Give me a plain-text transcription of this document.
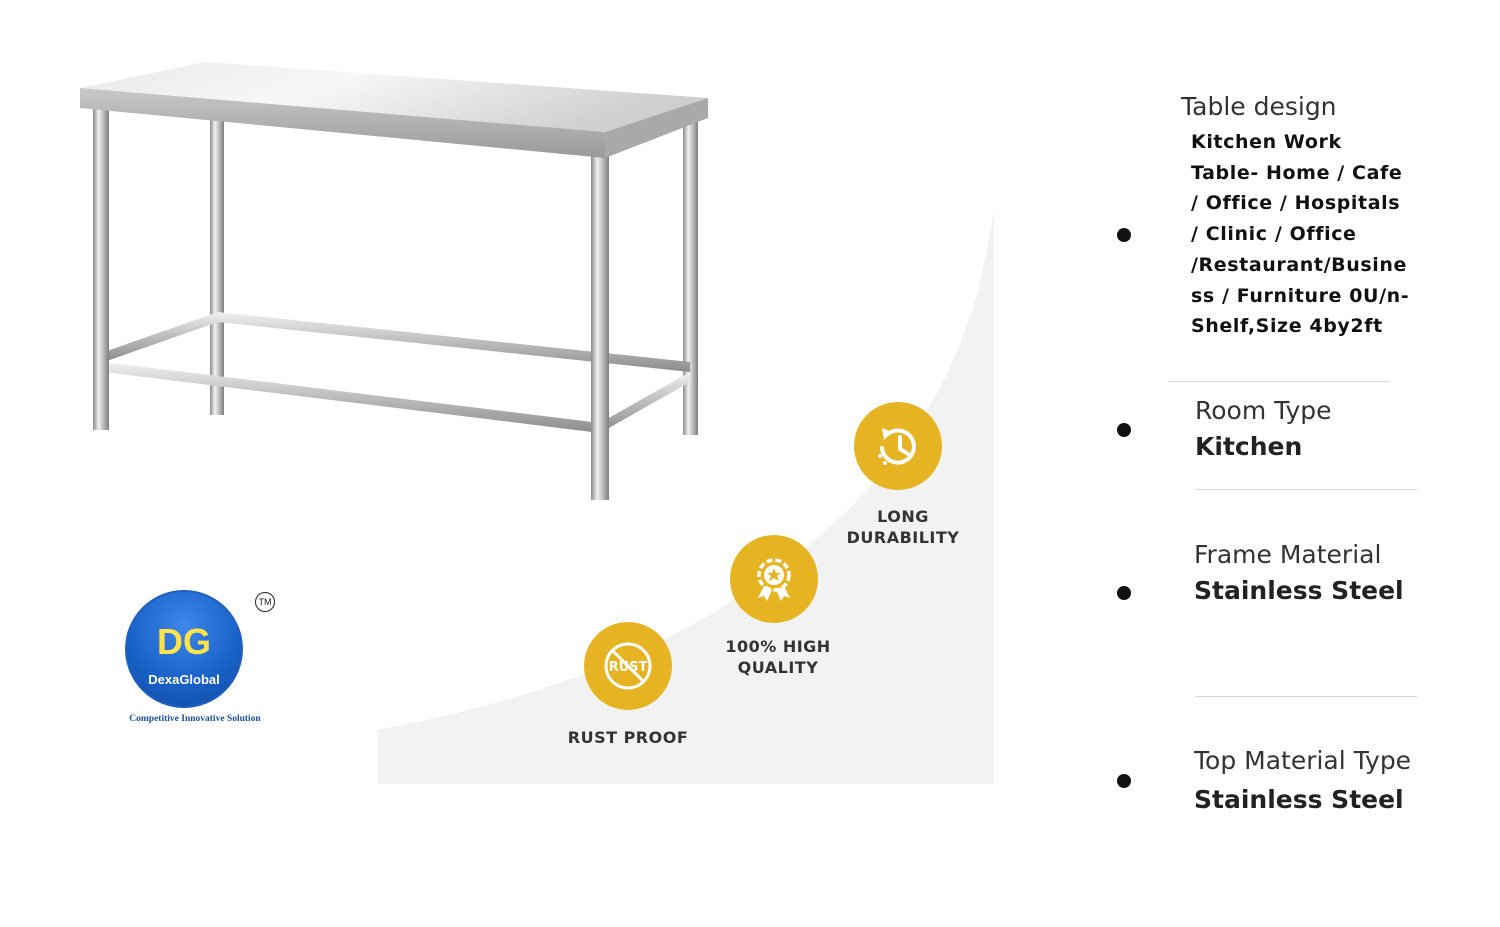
LONG
DURABILITY
100% HIGH
QUALITY
RUST
RUST PROOF
DG
DexaGlobal
TM
Competitive Innovative Solution
Table design
Kitchen Work
Table- Home / Cafe
/ Office / Hospitals
/ Clinic / Office
/Restaurant/Busine
ss / Furniture 0U/n-
Shelf,Size 4by2ft
Room Type
Kitchen
Frame Material
Stainless Steel
Top Material Type
Stainless Steel
